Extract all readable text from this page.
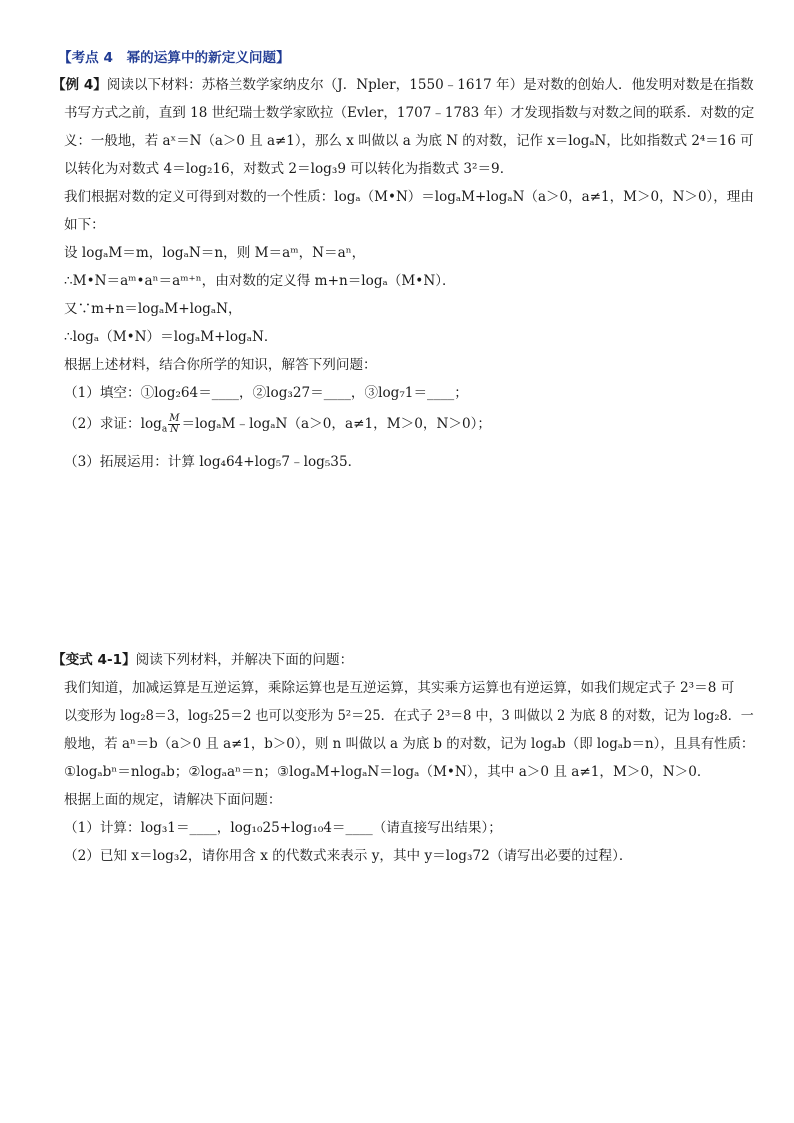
【考点 4　幂的运算中的新定义问题】
【例 4】阅读以下材料：苏格兰数学家纳皮尔（J．Npler，1550﹣1617 年）是对数的创始人．他发明对数是在指数
书写方式之前，直到 18 世纪瑞士数学家欧拉（Evler，1707﹣1783 年）才发现指数与对数之间的联系．对数的定
义：一般地，若 aˣ＝N（a＞0 且 a≠1），那么 x 叫做以 a 为底 N 的对数，记作 x＝logₐN，比如指数式 2⁴＝16 可
以转化为对数式 4＝log₂16，对数式 2＝log₃9 可以转化为指数式 3²＝9．
我们根据对数的定义可得到对数的一个性质：logₐ（M•N）＝logₐM+logₐN（a＞0，a≠1，M＞0，N＞0），理由
如下：
设 logₐM＝m，logₐN＝n，则 M＝aᵐ，N＝aⁿ，
∴M•N＝aᵐ•aⁿ＝aᵐ⁺ⁿ，由对数的定义得 m+n＝logₐ（M•N）．
又∵m+n＝logₐM+logₐN，
∴logₐ（M•N）＝logₐM+logₐN．
根据上述材料，结合你所学的知识，解答下列问题：
（1）填空：①log₂64＝____，②log₃27＝____，③log₇1＝____；
（2）求证：$\log_a \frac{M}{N}$ ＝logₐM﹣logₐN（a＞0，a≠1，M＞0，N＞0）；
（3）拓展运用：计算 log₄64+log₅7﹣log₅35．
【变式 4-1】阅读下列材料，并解决下面的问题：
我们知道，加减运算是互逆运算，乘除运算也是互逆运算，其实乘方运算也有逆运算，如我们规定式子 2³＝8 可
以变形为 log₂8＝3，log₅25＝2 也可以变形为 5²＝25．在式子 2³＝8 中，3 叫做以 2 为底 8 的对数，记为 log₂8．一
般地，若 aⁿ＝b（a＞0 且 a≠1，b＞0），则 n 叫做以 a 为底 b 的对数，记为 logₐb（即 logₐb＝n），且具有性质：
①logₐbⁿ＝nlogₐb；②logₐaⁿ＝n；③logₐM+logₐN＝logₐ（M•N），其中 a＞0 且 a≠1，M＞0，N＞0．
根据上面的规定，请解决下面问题：
（1）计算：log₃1＝____，log₁₀25+log₁₀4＝____（请直接写出结果）；
（2）已知 x＝log₃2，请你用含 x 的代数式来表示 y，其中 y＝log₃72（请写出必要的过程）．
